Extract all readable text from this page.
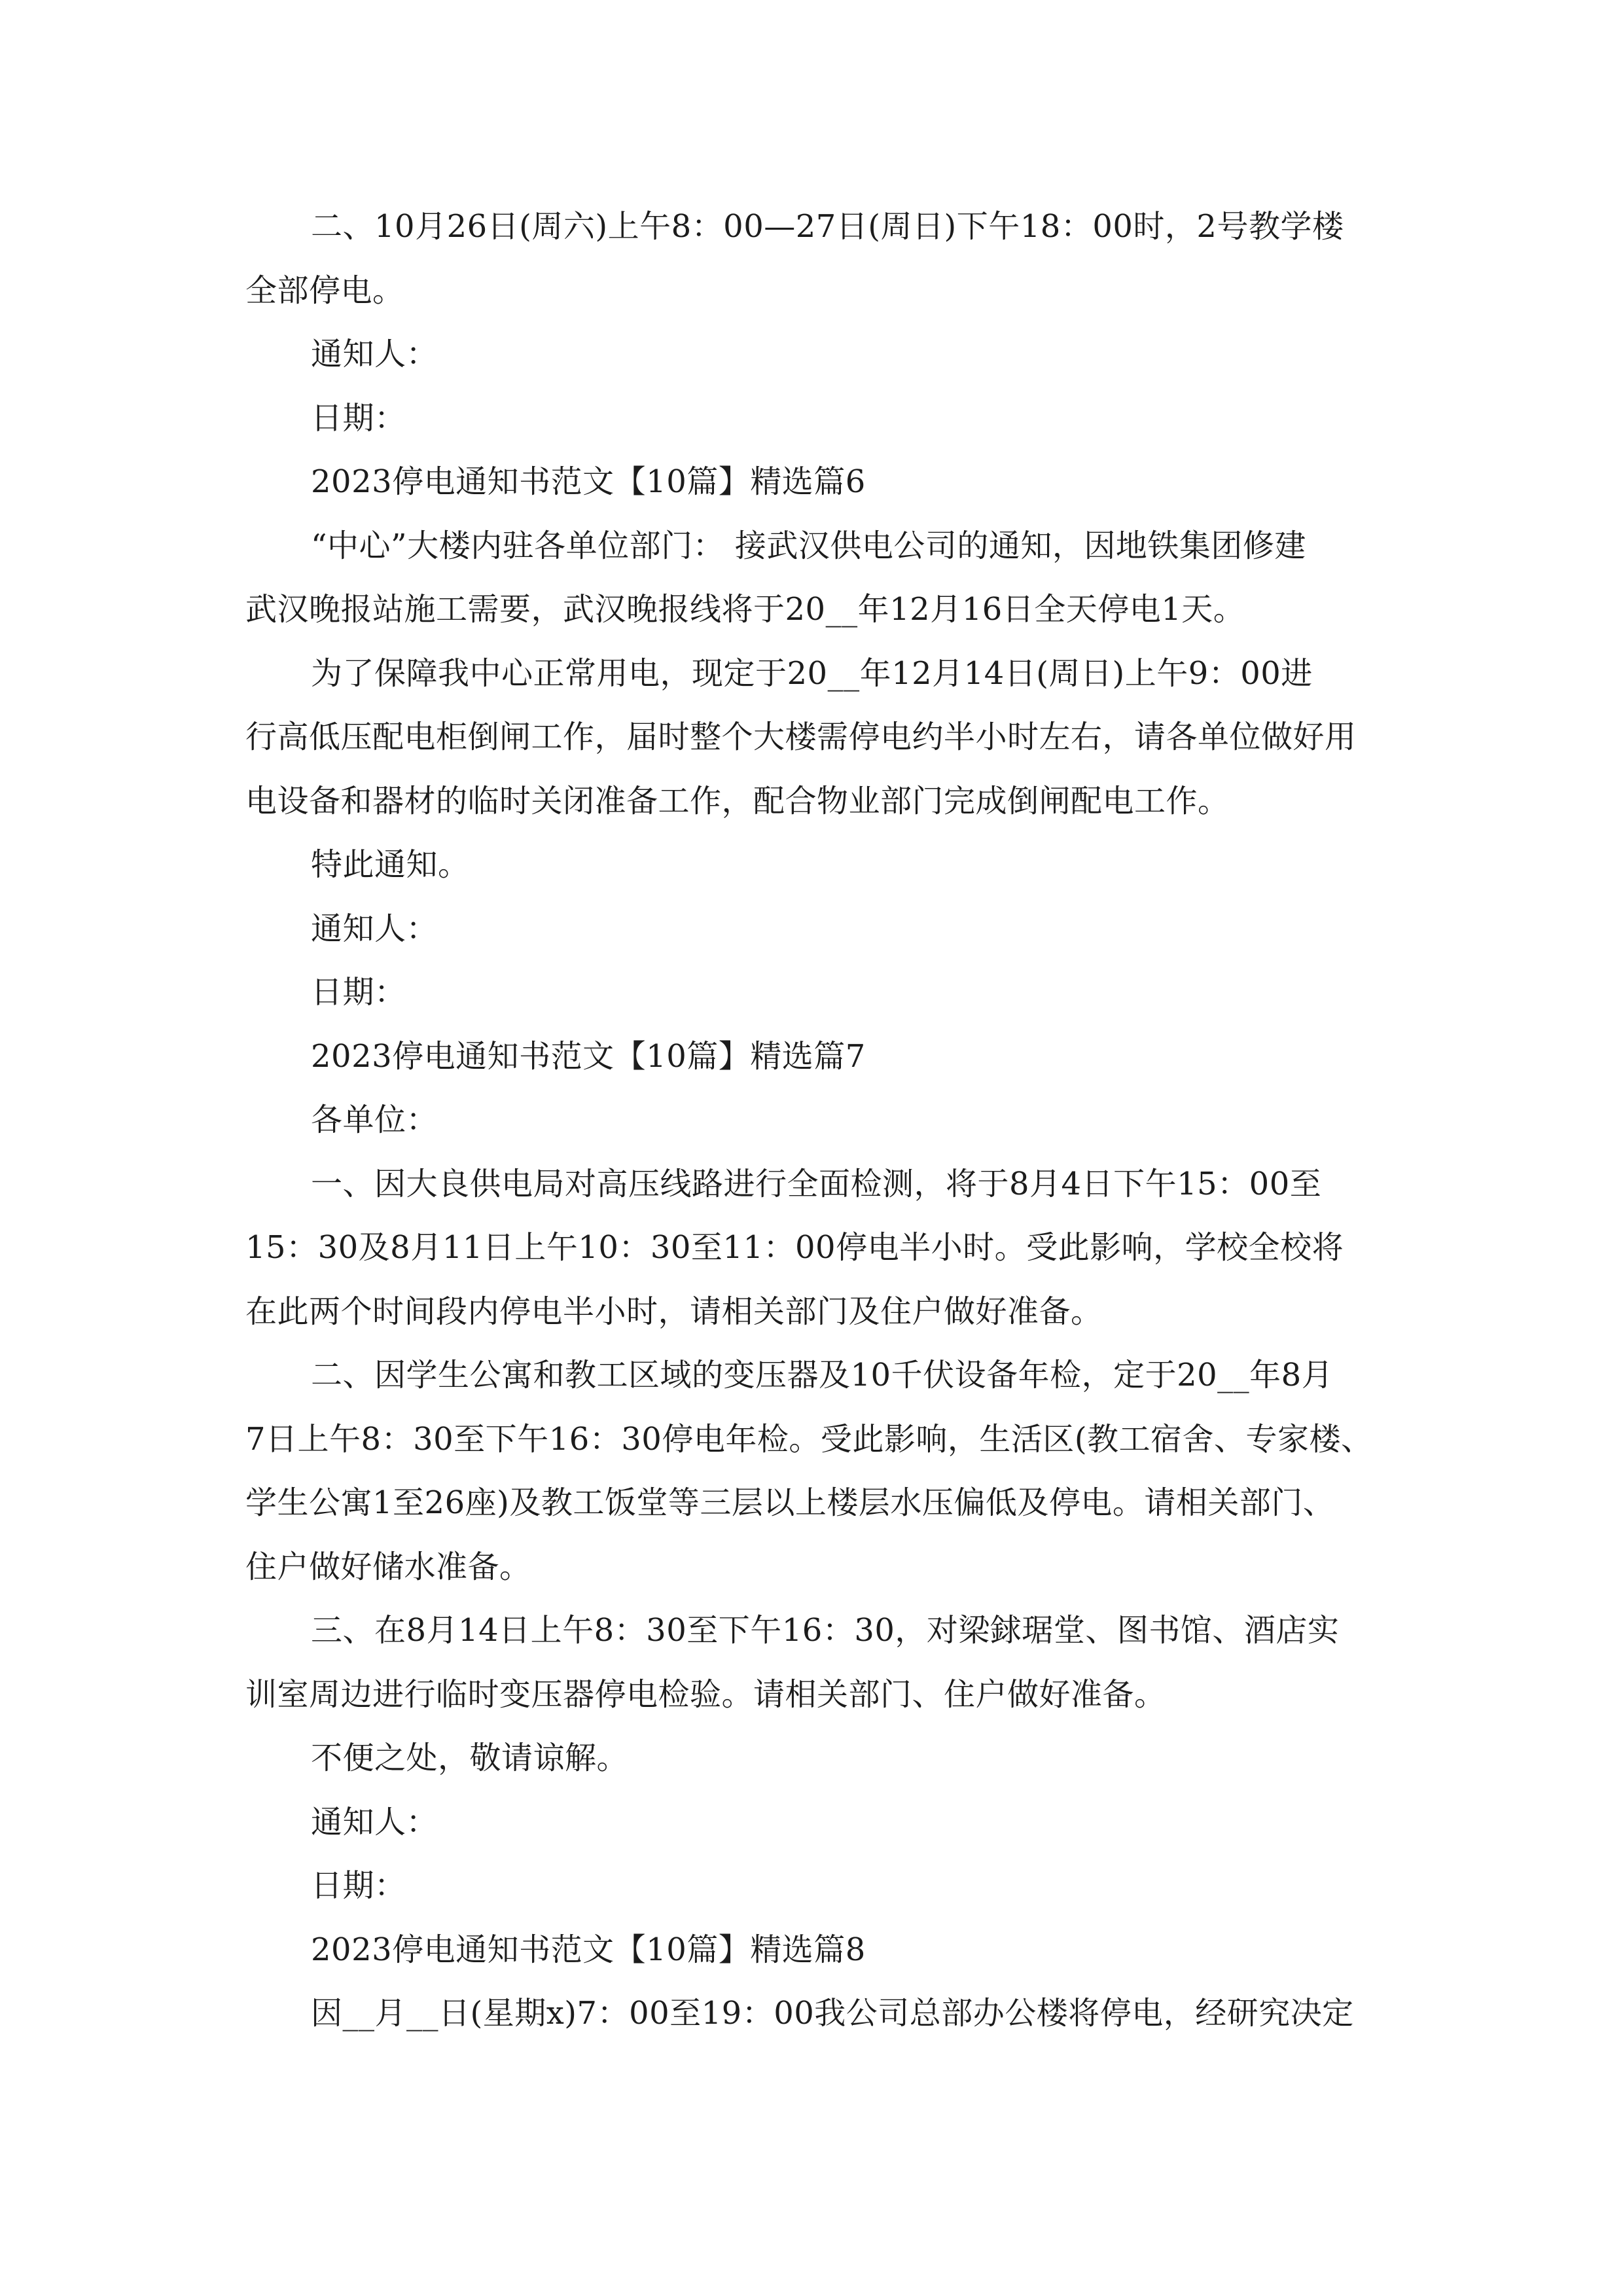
二、10月26日(周六)上午8：00—27日(周日)下午18：00时，2号教学楼
全部停电。
通知人：
日期：
2023停电通知书范文【10篇】精选篇6
“中心”大楼内驻各单位部门： 接武汉供电公司的通知，因地铁集团修建
武汉晚报站施工需要，武汉晚报线将于20__年12月16日全天停电1天。
为了保障我中心正常用电，现定于20__年12月14日(周日)上午9：00进
行高低压配电柜倒闸工作，届时整个大楼需停电约半小时左右，请各单位做好用
电设备和器材的临时关闭准备工作，配合物业部门完成倒闸配电工作。
特此通知。
通知人：
日期：
2023停电通知书范文【10篇】精选篇7
各单位：
一、因大良供电局对高压线路进行全面检测，将于8月4日下午15：00至
15：30及8月11日上午10：30至11：00停电半小时。受此影响，学校全校将
在此两个时间段内停电半小时，请相关部门及住户做好准备。
二、因学生公寓和教工区域的变压器及10千伏设备年检，定于20__年8月
7日上午8：30至下午16：30停电年检。受此影响，生活区(教工宿舍、专家楼、
学生公寓1至26座)及教工饭堂等三层以上楼层水压偏低及停电。请相关部门、
住户做好储水准备。
三、在8月14日上午8：30至下午16：30，对梁銶琚堂、图书馆、酒店实
训室周边进行临时变压器停电检验。请相关部门、住户做好准备。
不便之处，敬请谅解。
通知人：
日期：
2023停电通知书范文【10篇】精选篇8
因__月__日(星期x)7：00至19：00我公司总部办公楼将停电，经研究决定
